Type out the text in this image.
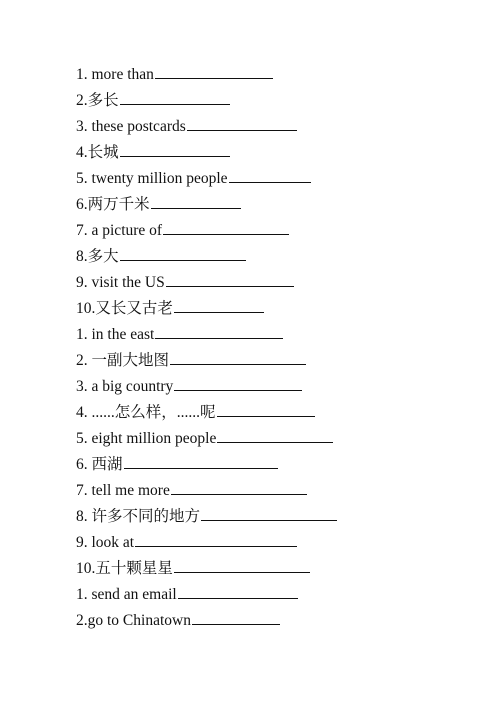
1. more than
2.多长
3. these postcards
4.长城
5. twenty million people
6.两万千米
7. a picture of
8.多大
9. visit the US
10.又长又古老
1. in the east
2. 一副大地图
3. a big country
4. ......怎么样，......呢
5. eight million people
6. 西湖
7. tell me more
8. 许多不同的地方
9. look at
10.五十颗星星
1. send an email
2.go to Chinatown
